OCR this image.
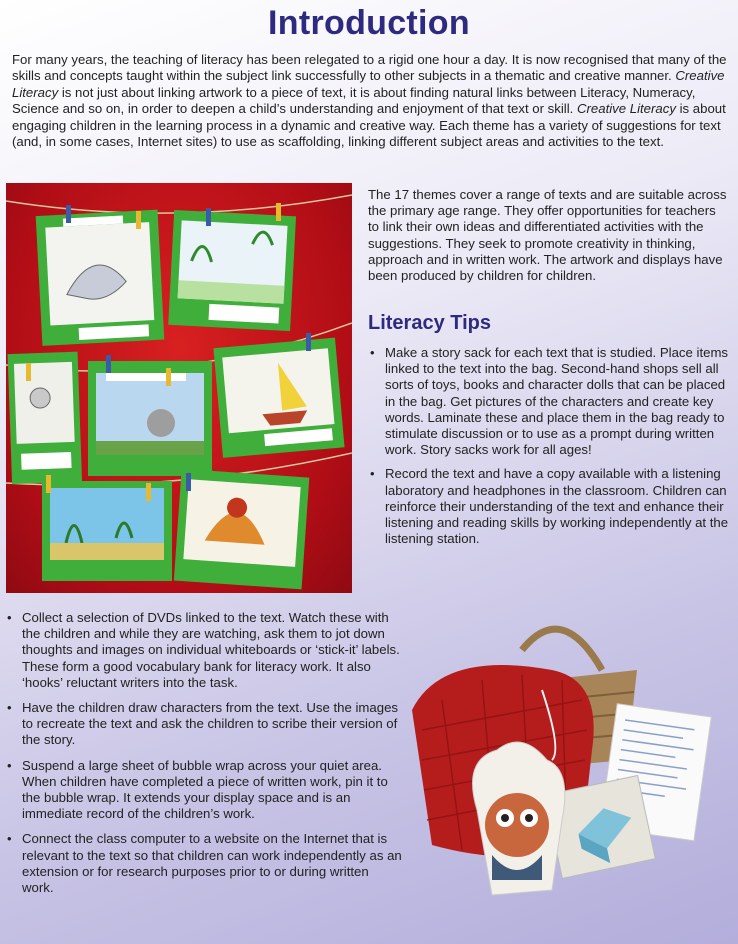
Introduction

For many years, the teaching of literacy has been relegated to a rigid one hour a day. It is now recognised that many of the skills and concepts taught within the subject link successfully to other subjects in a thematic and creative manner. Creative Literacy is not just about linking artwork to a piece of text, it is about finding natural links between Literacy, Numeracy, Science and so on, in order to deepen a child’s understanding and enjoyment of that text or skill. Creative Literacy is about engaging children in the learning process in a dynamic and creative way. Each theme has a variety of suggestions for text (and, in some cases, Internet sites) to use as scaffolding, linking different subject areas and activities to the text.

The 17 themes cover a range of texts and are suitable across the primary age range. They offer opportunities for teachers to link their own ideas and differentiated activities with the suggestions. They seek to promote creativity in thinking, approach and in written work. The artwork and displays have been produced by children for children.

Literacy Tips
• Make a story sack for each text that is studied. Place items linked to the text into the bag. Second-hand shops sell all sorts of toys, books and character dolls that can be placed in the bag. Get pictures of the characters and create key words. Laminate these and place them in the bag ready to stimulate discussion or to use as a prompt during written work. Story sacks work for all ages!
• Record the text and have a copy available with a listening laboratory and headphones in the classroom. Children can reinforce their understanding of the text and enhance their listening and reading skills by working independently at the listening station.
• Collect a selection of DVDs linked to the text. Watch these with the children and while they are watching, ask them to jot down thoughts and images on individual whiteboards or ‘stick-it’ labels. These form a good vocabulary bank for literacy work. It also ‘hooks’ reluctant writers into the task.
• Have the children draw characters from the text. Use the images to recreate the text and ask the children to scribe their version of the story.
• Suspend a large sheet of bubble wrap across your quiet area. When children have completed a piece of written work, pin it to the bubble wrap. It extends your display space and is an immediate record of the children’s work.
• Connect the class computer to a website on the Internet that is relevant to the text so that children can work independently as an extension or for research purposes prior to or during written work.
